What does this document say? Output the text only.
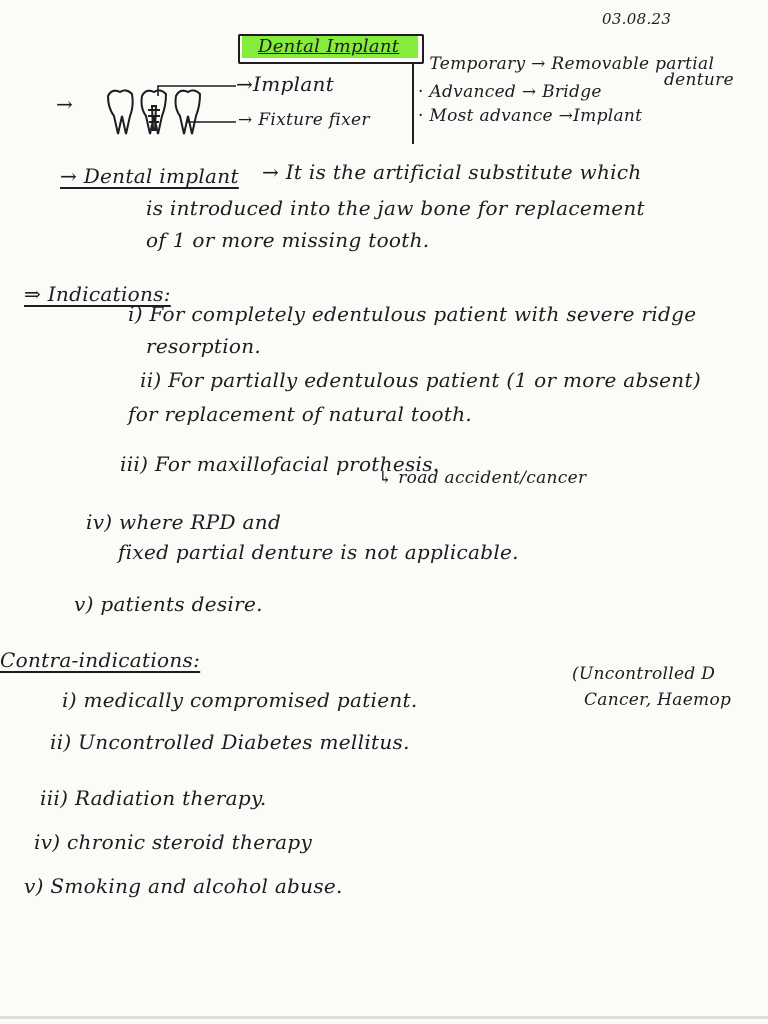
03.08.23
Dental Implant
→
→Implant
→ Fixture fixer
· Temporary → Removable partial
denture
· Advanced → Bridge
· Most advance →Implant
→ Dental implant → It is the artificial substitute which
is introduced into the jaw bone for replacement
of 1 or more missing tooth.
⇒ Indications:
i) For completely edentulous patient with severe ridge
resorption.
ii) For partially edentulous patient (1 or more absent)
for replacement of natural tooth.
iii) For maxillofacial prothesis.
↳ road accident/cancer
iv) where RPD and
fixed partial denture is not applicable.
v) patients desire.
Contra-indications:
i) medically compromised patient.
(Uncontrolled D
Cancer, Haemop
ii) Uncontrolled Diabetes mellitus.
iii) Radiation therapy.
iv) chronic steroid therapy
v) Smoking and alcohol abuse.
